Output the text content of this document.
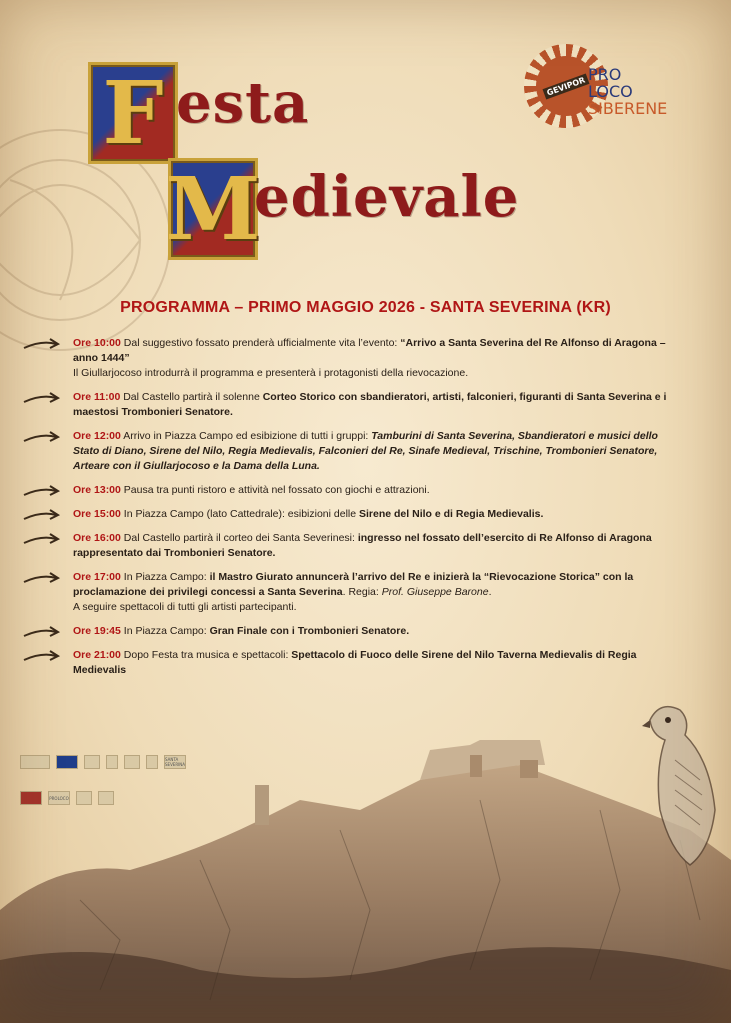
F esta
M
edievale
GEVIPOR
PRO
LOCO
SIBERENE
PROGRAMMA – PRIMO MAGGIO 2026 - SANTA SEVERINA (KR)

Ore 10:00 Dal suggestivo fossato prenderà ufficialmente vita l’evento: “Arrivo a Santa Severina del Re Alfonso di Aragona – anno 1444”
Il Giullarjocoso introdurrà il programma e presenterà i protagonisti della rievocazione.

Ore 11:00 Dal Castello partirà il solenne Corteo Storico con sbandieratori, artisti, falconieri, figuranti di Santa Severina e i maestosi Trombonieri Senatore.

Ore 12:00 Arrivo in Piazza Campo ed esibizione di tutti i gruppi: Tamburini di Santa Severina, Sbandieratori e musici dello Stato di Diano, Sirene del Nilo, Regia Medievalis, Falconieri del Re, Sinafe Medieval, Trischine, Trombonieri Senatore, Arteare con il Giullarjocoso e la Dama della Luna.

Ore 13:00 Pausa tra punti ristoro e attività nel fossato con giochi e attrazioni.

Ore 15:00 In Piazza Campo (lato Cattedrale): esibizioni delle Sirene del Nilo e di Regia Medievalis.

Ore 16:00 Dal Castello partirà il corteo dei Santa Severinesi: ingresso nel fossato dell’esercito di Re Alfonso di Aragona rappresentato dai Trombonieri Senatore.

Ore 17:00 In Piazza Campo: il Mastro Giurato annuncerà l’arrivo del Re e inizierà la “Rievocazione Storica” con la proclamazione dei privilegi concessi a Santa Severina. Regia: Prof. Giuseppe Barone.
A seguire spettacoli di tutti gli artisti partecipanti.

Ore 19:45 In Piazza Campo: Gran Finale con i Trombonieri Senatore.

Ore 21:00 Dopo Festa tra musica e spettacoli: Spettacolo di Fuoco delle Sirene del Nilo Taverna Medievalis di Regia Medievalis

SANTA SEVERINA
PROLOCO
